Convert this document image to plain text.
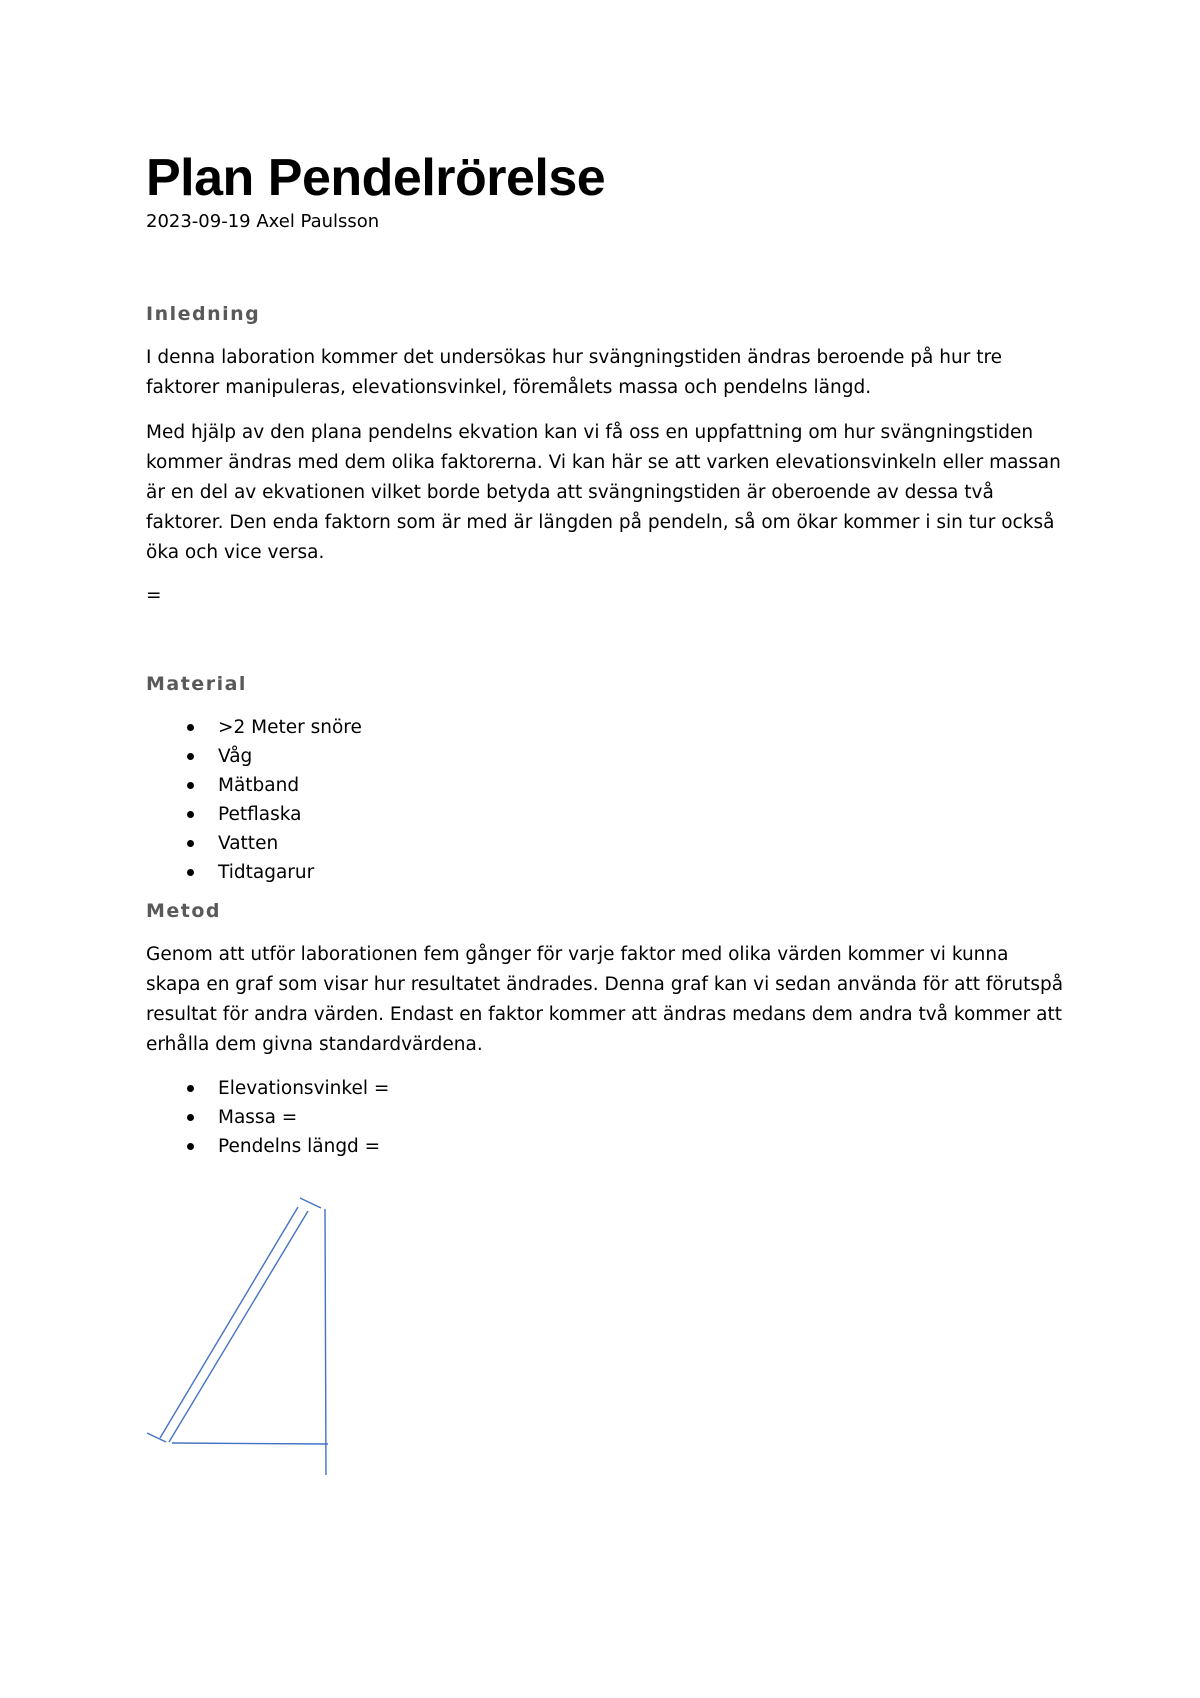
Plan Pendelrörelse

2023-09-19 Axel Paulsson

Inledning

I denna laboration kommer det undersökas hur svängningstiden ändras beroende på hur tre faktorer manipuleras, elevationsvinkel, föremålets massa och pendelns längd.

Med hjälp av den plana pendelns ekvation kan vi få oss en uppfattning om hur svängningstiden kommer ändras med dem olika faktorerna. Vi kan här se att varken elevationsvinkeln eller massan är en del av ekvationen vilket borde betyda att svängningstiden är oberoende av dessa två faktorer. Den enda faktorn som är med är längden på pendeln, så om ökar kommer i sin tur också öka och vice versa.

=

Material
>2 Meter snöre
Våg
Mätband
Petflaska
Vatten
Tidtagarur
Metod

Genom att utför laborationen fem gånger för varje faktor med olika värden kommer vi kunna skapa en graf som visar hur resultatet ändrades. Denna graf kan vi sedan använda för att förutspå resultat för andra värden. Endast en faktor kommer att ändras medans dem andra två kommer att erhålla dem givna standardvärdena.

Elevationsvinkel =
Massa =
Pendelns längd =
